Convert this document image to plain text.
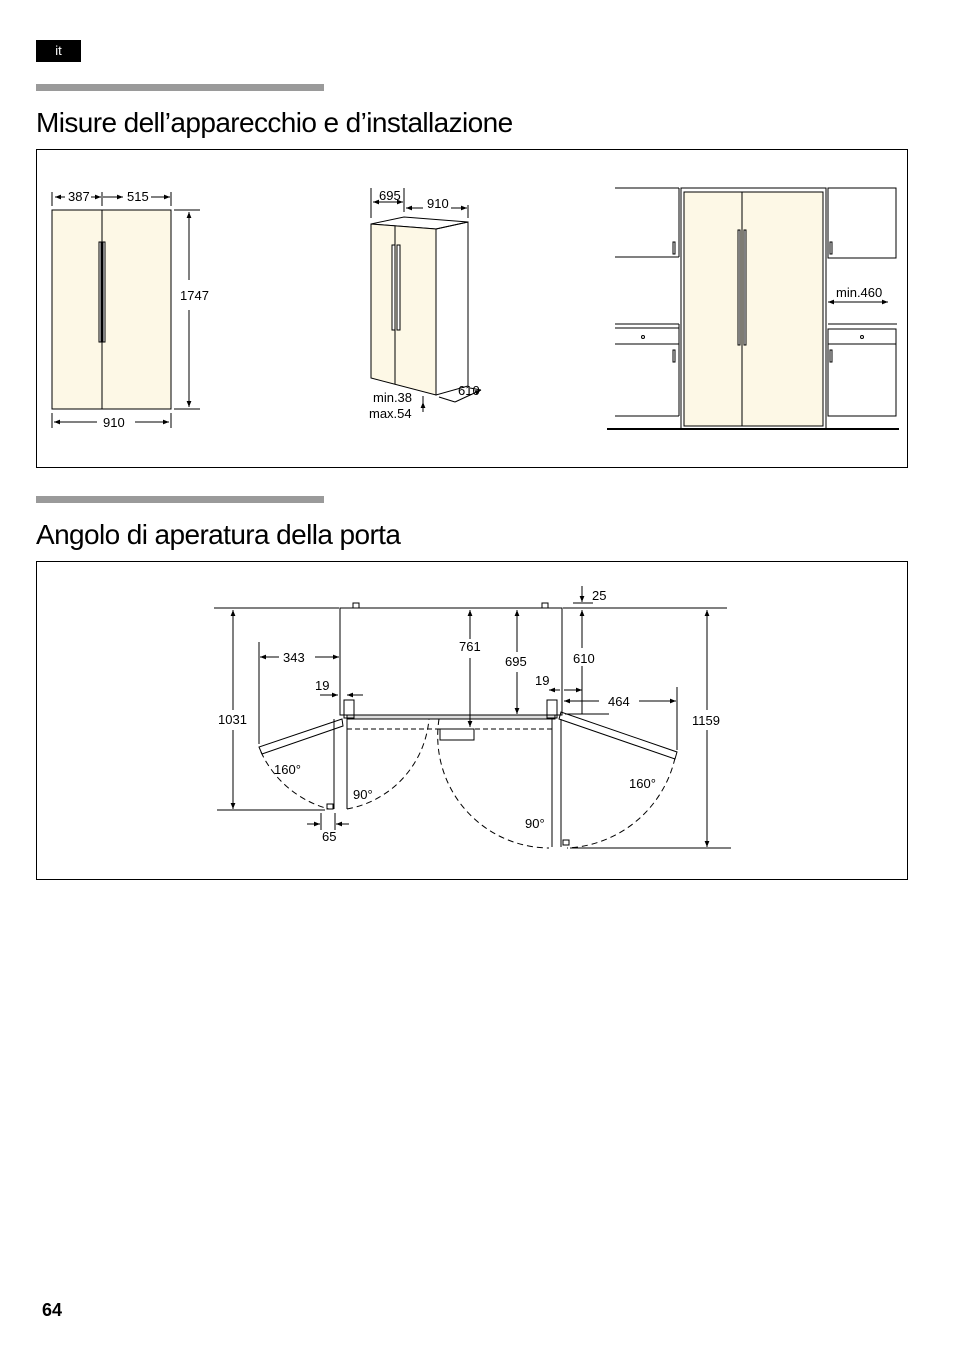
it
Misure dell’apparecchio e d’installazione
387	515
1747
910
695
910
610
min.38
max.54
min.460
Angolo di aperatura della porta
25
343
19
1031
160°
90°
65
761
695	610
19
464
1159
160°
90°
64
